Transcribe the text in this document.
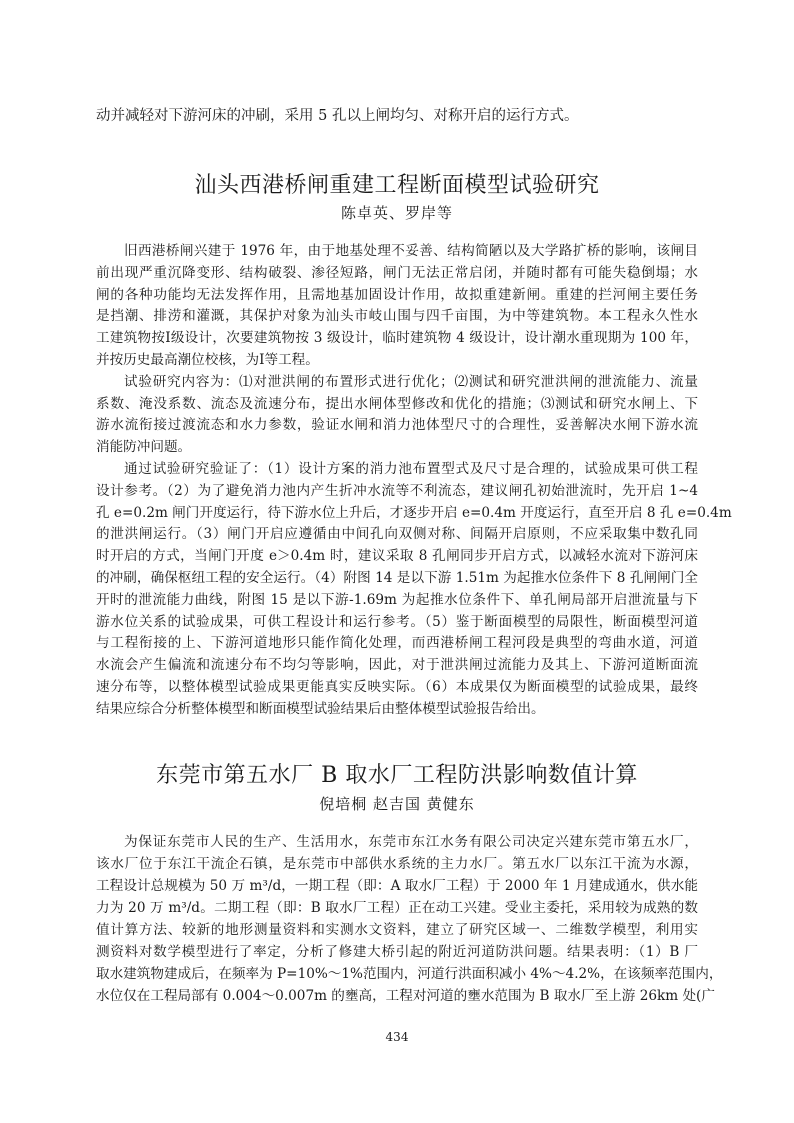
动并减轻对下游河床的冲刷，采用 5 孔以上闸均匀、对称开启的运行方式。
汕头西港桥闸重建工程断面模型试验研究
陈卓英、罗岸等
旧西港桥闸兴建于 1976 年，由于地基处理不妥善、结构简陋以及大学路扩桥的影响，该闸目
前出现严重沉降变形、结构破裂、渗径短路，闸门无法正常启闭，并随时都有可能失稳倒塌；水
闸的各种功能均无法发挥作用，且需地基加固设计作用，故拟重建新闸。重建的拦河闸主要任务
是挡潮、排涝和灌溉，其保护对象为汕头市岐山围与四千亩围，为中等建筑物。本工程永久性水
工建筑物按Ⅰ级设计，次要建筑物按 3 级设计，临时建筑物 4 级设计，设计潮水重现期为 100 年，
并按历史最高潮位校核，为Ⅰ等工程。
试验研究内容为：⑴对泄洪闸的布置形式进行优化；⑵测试和研究泄洪闸的泄流能力、流量
系数、淹没系数、流态及流速分布，提出水闸体型修改和优化的措施；⑶测试和研究水闸上、下
游水流衔接过渡流态和水力参数，验证水闸和消力池体型尺寸的合理性，妥善解决水闸下游水流
消能防冲问题。
通过试验研究验证了：（1）设计方案的消力池布置型式及尺寸是合理的，试验成果可供工程
设计参考。（2）为了避免消力池内产生折冲水流等不利流态，建议闸孔初始泄流时，先开启 1~4
孔 e=0.2m 闸门开度运行，待下游水位上升后，才逐步开启 e=0.4m 开度运行，直至开启 8 孔 e=0.4m
的泄洪闸运行。（3）闸门开启应遵循由中间孔向双侧对称、间隔开启原则，不应采取集中数孔同
时开启的方式，当闸门开度 e＞0.4m 时，建议采取 8 孔闸同步开启方式，以减轻水流对下游河床
的冲刷，确保枢纽工程的安全运行。（4）附图 14 是以下游 1.51m 为起推水位条件下 8 孔闸闸门全
开时的泄流能力曲线，附图 15 是以下游-1.69m 为起推水位条件下、单孔闸局部开启泄流量与下
游水位关系的试验成果，可供工程设计和运行参考。（5）鉴于断面模型的局限性，断面模型河道
与工程衔接的上、下游河道地形只能作简化处理，而西港桥闸工程河段是典型的弯曲水道，河道
水流会产生偏流和流速分布不均匀等影响，因此，对于泄洪闸过流能力及其上、下游河道断面流
速分布等，以整体模型试验成果更能真实反映实际。（6）本成果仅为断面模型的试验成果，最终
结果应综合分析整体模型和断面模型试验结果后由整体模型试验报告给出。
东莞市第五水厂 B 取水厂工程防洪影响数值计算
倪培桐 赵吉国 黄健东
为保证东莞市人民的生产、生活用水，东莞市东江水务有限公司决定兴建东莞市第五水厂，
该水厂位于东江干流企石镇，是东莞市中部供水系统的主力水厂。第五水厂以东江干流为水源，
工程设计总规模为 50 万 m³/d，一期工程（即：A 取水厂工程）于 2000 年 1 月建成通水，供水能
力为 20 万 m³/d。二期工程（即：B 取水厂工程）正在动工兴建。受业主委托，采用较为成熟的数
值计算方法、较新的地形测量资料和实测水文资料，建立了研究区域一、二维数学模型，利用实
测资料对数学模型进行了率定，分析了修建大桥引起的附近河道防洪问题。结果表明：（1）B 厂
取水建筑物建成后，在频率为 P=10%～1%范围内，河道行洪面积减小 4%～4.2%，在该频率范围内，
水位仅在工程局部有 0.004～0.007m 的壅高，工程对河道的壅水范围为 B 取水厂至上游 26km 处(广
434
